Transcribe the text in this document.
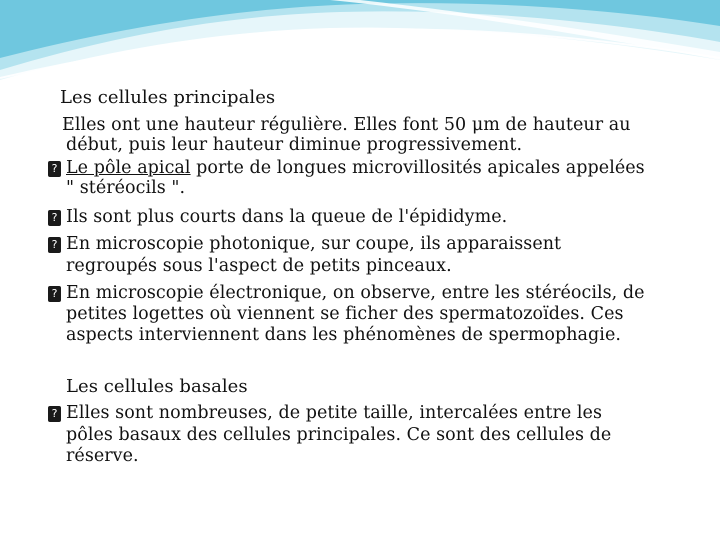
Les cellules principales
Elles ont une hauteur régulière. Elles font 50 μm de hauteur au
début, puis leur hauteur diminue progressivement.
? Le pôle apical porte de longues microvillosités apicales appelées
" stéréocils ".
? Ils sont plus courts dans la queue de l'épididyme.
? En microscopie photonique, sur coupe, ils apparaissent
regroupés sous l'aspect de petits pinceaux.
? En microscopie électronique, on observe, entre les stéréocils, de
petites logettes où viennent se ficher des spermatozoïdes. Ces
aspects interviennent dans les phénomènes de spermophagie.
Les cellules basales
? Elles sont nombreuses, de petite taille, intercalées entre les
pôles basaux des cellules principales. Ce sont des cellules de
réserve.
